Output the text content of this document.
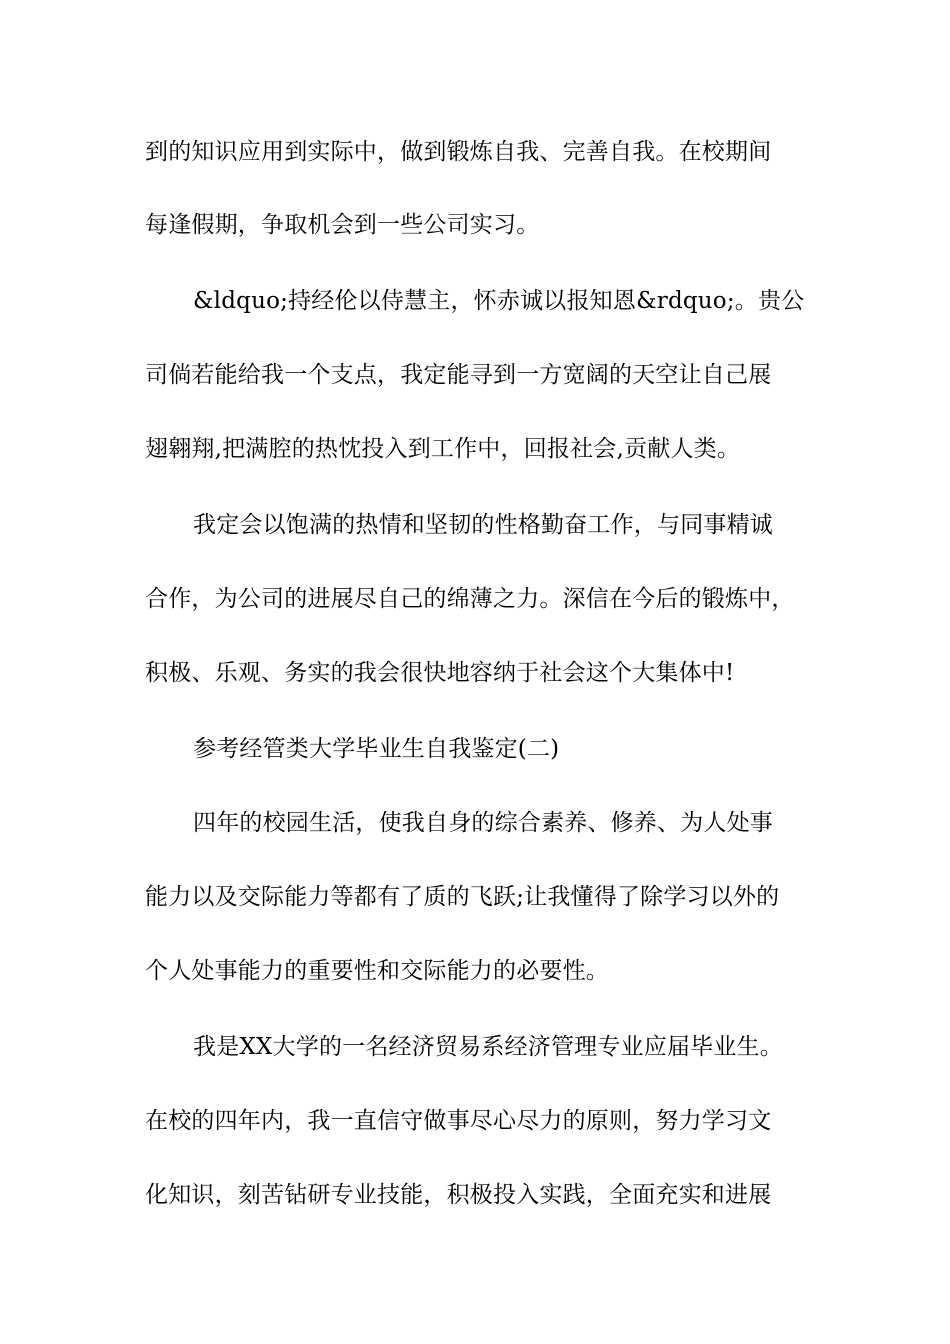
到的知识应用到实际中，做到锻炼自我、完善自我。在校期间
每逢假期，争取机会到一些公司实习。
&ldquo;持经伦以侍慧主，怀赤诚以报知恩&rdquo;。贵公
司倘若能给我一个支点，我定能寻到一方宽阔的天空让自己展
翅翱翔,把满腔的热忱投入到工作中，回报社会,贡献人类。
我定会以饱满的热情和坚韧的性格勤奋工作，与同事精诚
合作，为公司的进展尽自己的绵薄之力。深信在今后的锻炼中，
积极、乐观、务实的我会很快地容纳于社会这个大集体中!
参考经管类大学毕业生自我鉴定(二)
四年的校园生活，使我自身的综合素养、修养、为人处事
能力以及交际能力等都有了质的飞跃;让我懂得了除学习以外的
个人处事能力的重要性和交际能力的必要性。
我是XX大学的一名经济贸易系经济管理专业应届毕业生。
在校的四年内，我一直信守做事尽心尽力的原则，努力学习文
化知识，刻苦钻研专业技能，积极投入实践，全面充实和进展
